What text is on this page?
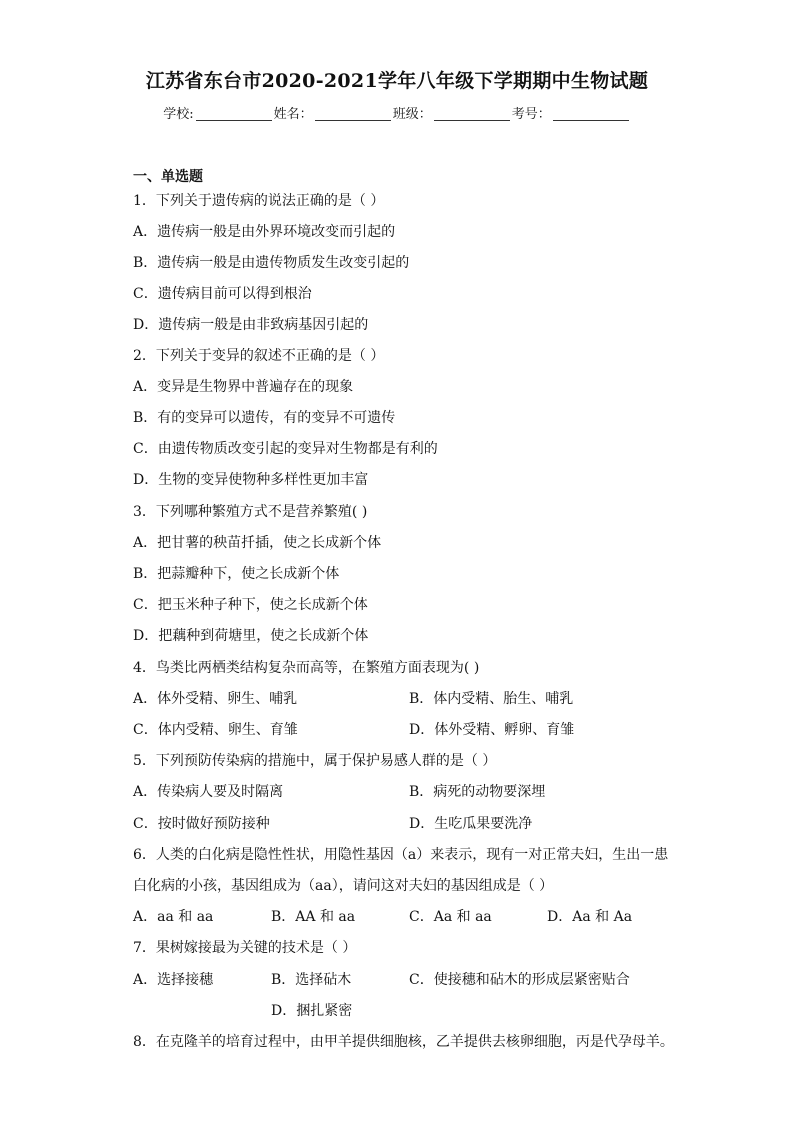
江苏省东台市2020-2021学年八年级下学期期中生物试题
学校:	姓名：	班级：	考号：
一、单选题
1．下列关于遗传病的说法正确的是（ ）
A．遗传病一般是由外界环境改变而引起的
B．遗传病一般是由遗传物质发生改变引起的
C．遗传病目前可以得到根治
D．遗传病一般是由非致病基因引起的
2．下列关于变异的叙述不正确的是（ ）
A．变异是生物界中普遍存在的现象
B．有的变异可以遗传，有的变异不可遗传
C．由遗传物质改变引起的变异对生物都是有利的
D．生物的变异使物种多样性更加丰富
3．下列哪种繁殖方式不是营养繁殖( )
A．把甘薯的秧苗扦插，使之长成新个体
B．把蒜瓣种下，使之长成新个体
C．把玉米种子种下，使之长成新个体
D．把藕种到荷塘里，使之长成新个体
4．鸟类比两栖类结构复杂而高等，在繁殖方面表现为( )
A．体外受精、卵生、哺乳	B．体内受精、胎生、哺乳
C．体内受精、卵生、育雏	D．体外受精、孵卵、育雏
5．下列预防传染病的措施中，属于保护易感人群的是（ ）
A．传染病人要及时隔离	B．病死的动物要深埋
C．按时做好预防接种	D．生吃瓜果要洗净
6．人类的白化病是隐性性状，用隐性基因（a）来表示，现有一对正常夫妇，生出一患
白化病的小孩，基因组成为（aa），请问这对夫妇的基因组成是（ ）
A．aa 和 aa	B．AA 和 aa	C．Aa 和 aa	D．Aa 和 Aa
7．果树嫁接最为关键的技术是（ ）
A．选择接穗	B．选择砧木	C．使接穗和砧木的形成层紧密贴合
D．捆扎紧密
8．在克隆羊的培育过程中，由甲羊提供细胞核，乙羊提供去核卵细胞，丙是代孕母羊。
